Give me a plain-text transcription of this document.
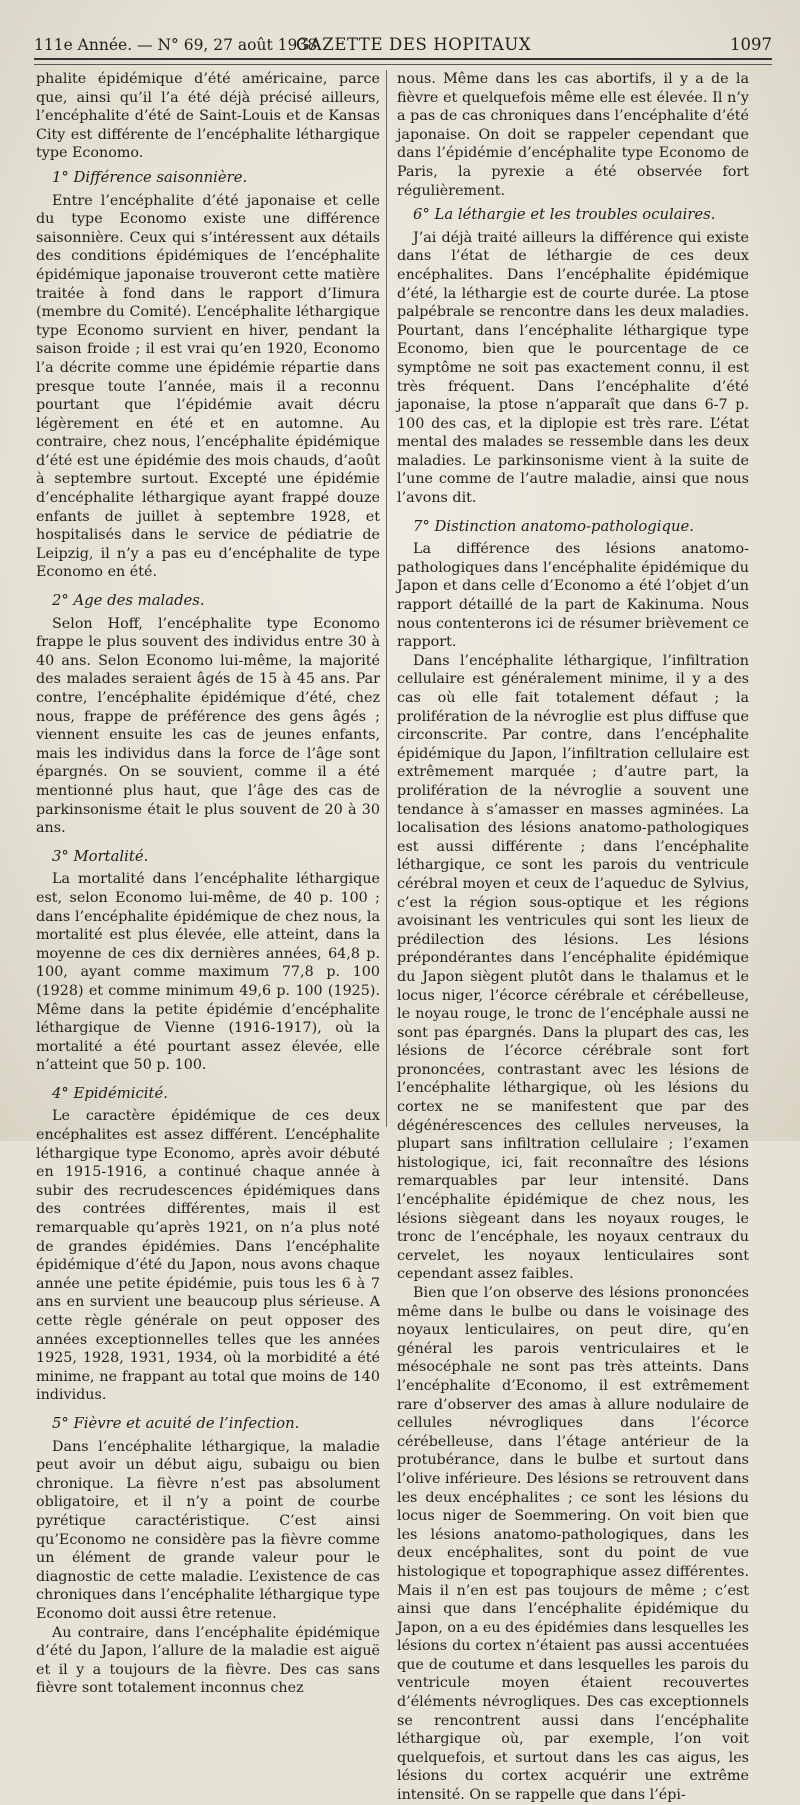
111e Année. — N° 69, 27 août 1938.
GAZETTE DES HOPITAUX	1097

phalite épidémique d’été américaine, parce que, ainsi qu’il l’a été déjà précisé ailleurs, l’encéphalite d’été de Saint-Louis et de Kansas City est différente de l’encéphalite léthargique type Economo.

1° Différence saisonnière.

Entre l’encéphalite d’été japonaise et celle du type Economo existe une différence saisonnière. Ceux qui s’intéressent aux détails des conditions épidémiques de l’encéphalite épidémique japonaise trouveront cette matière traitée à fond dans le rapport d’Iimura (membre du Comité). L’encéphalite léthargique type Economo survient en hiver, pendant la saison froide ; il est vrai qu’en 1920, Economo l’a décrite comme une épidémie répartie dans presque toute l’année, mais il a reconnu pourtant que l’épidémie avait décru légèrement en été et en automne. Au contraire, chez nous, l’encéphalite épidémique d’été est une épidémie des mois chauds, d’août à septembre surtout. Excepté une épidémie d’encéphalite léthargique ayant frappé douze enfants de juillet à septembre 1928, et hospitalisés dans le service de pédiatrie de Leipzig, il n’y a pas eu d’encéphalite de type Economo en été.

2° Age des malades.

Selon Hoff, l’encéphalite type Economo frappe le plus souvent des individus entre 30 à 40 ans. Selon Economo lui-même, la majorité des malades seraient âgés de 15 à 45 ans. Par contre, l’encéphalite épidémique d’été, chez nous, frappe de préférence des gens âgés ; viennent ensuite les cas de jeunes enfants, mais les individus dans la force de l’âge sont épargnés. On se souvient, comme il a été mentionné plus haut, que l’âge des cas de parkinsonisme était le plus souvent de 20 à 30 ans.

3° Mortalité.

La mortalité dans l’encéphalite léthargique est, selon Economo lui-même, de 40 p. 100 ; dans l’encéphalite épidémique de chez nous, la mortalité est plus élevée, elle atteint, dans la moyenne de ces dix dernières années, 64,8 p. 100, ayant comme maximum 77,8 p. 100 (1928) et comme minimum 49,6 p. 100 (1925). Même dans la petite épidémie d’encéphalite léthargique de Vienne (1916-1917), où la mortalité a été pourtant assez élevée, elle n’atteint que 50 p. 100.

4° Epidémicité.

Le caractère épidémique de ces deux encéphalites est assez différent. L’encéphalite léthargique type Economo, après avoir débuté en 1915-1916, a continué chaque année à subir des recrudescences épidémiques dans des contrées différentes, mais il est remarquable qu’après 1921, on n’a plus noté de grandes épidémies. Dans l’encéphalite épidémique d’été du Japon, nous avons chaque année une petite épidémie, puis tous les 6 à 7 ans en survient une beaucoup plus sérieuse. A cette règle générale on peut opposer des années exceptionnelles telles que les années 1925, 1928, 1931, 1934, où la morbidité a été minime, ne frappant au total que moins de 140 individus.

5° Fièvre et acuité de l’infection.

Dans l’encéphalite léthargique, la maladie peut avoir un début aigu, subaigu ou bien chronique. La fièvre n’est pas absolument obligatoire, et il n’y a point de courbe pyrétique caractéristique. C’est ainsi qu’Economo ne considère pas la fièvre comme un élément de grande valeur pour le diagnostic de cette maladie. L’existence de cas chroniques dans l’encéphalite léthargique type Economo doit aussi être retenue.

Au contraire, dans l’encéphalite épidémique d’été du Japon, l’allure de la maladie est aiguë et il y a toujours de la fièvre. Des cas sans fièvre sont totalement inconnus chez

nous. Même dans les cas abortifs, il y a de la fièvre et quelquefois même elle est élevée. Il n’y a pas de cas chroniques dans l’encéphalite d’été japonaise. On doit se rappeler cependant que dans l’épidémie d’encéphalite type Economo de Paris, la pyrexie a été observée fort régulièrement.

6° La léthargie et les troubles oculaires.

J’ai déjà traité ailleurs la différence qui existe dans l’état de léthargie de ces deux encéphalites. Dans l’encéphalite épidémique d’été, la léthargie est de courte durée. La ptose palpébrale se rencontre dans les deux maladies. Pourtant, dans l’encéphalite léthargique type Economo, bien que le pourcentage de ce symptôme ne soit pas exactement connu, il est très fréquent. Dans l’encéphalite d’été japonaise, la ptose n’apparaît que dans 6-7 p. 100 des cas, et la diplopie est très rare. L’état mental des malades se ressemble dans les deux maladies. Le parkinsonisme vient à la suite de l’une comme de l’autre maladie, ainsi que nous l’avons dit.

7° Distinction anatomo-pathologique.

La différence des lésions anatomo-pathologiques dans l’encéphalite épidémique du Japon et dans celle d’Economo a été l’objet d’un rapport détaillé de la part de Kakinuma. Nous nous contenterons ici de résumer brièvement ce rapport.

Dans l’encéphalite léthargique, l’infiltration cellulaire est généralement minime, il y a des cas où elle fait totalement défaut ; la prolifération de la névroglie est plus diffuse que circonscrite. Par contre, dans l’encéphalite épidémique du Japon, l’infiltration cellulaire est extrêmement marquée ; d’autre part, la prolifération de la névroglie a souvent une tendance à s’amasser en masses agminées. La localisation des lésions anatomo-pathologiques est aussi différente ; dans l’encéphalite léthargique, ce sont les parois du ventricule cérébral moyen et ceux de l’aqueduc de Sylvius, c’est la région sous-optique et les régions avoisinant les ventricules qui sont les lieux de prédilection des lésions. Les lésions prépondérantes dans l’encéphalite épidémique du Japon siègent plutôt dans le thalamus et le locus niger, l’écorce cérébrale et cérébelleuse, le noyau rouge, le tronc de l’encéphale aussi ne sont pas épargnés. Dans la plupart des cas, les lésions de l’écorce cérébrale sont fort prononcées, contrastant avec les lésions de l’encéphalite léthargique, où les lésions du cortex ne se manifestent que par des dégénérescences des cellules nerveuses, la plupart sans infiltration cellulaire ; l’examen histologique, ici, fait reconnaître des lésions remarquables par leur intensité. Dans l’encéphalite épidémique de chez nous, les lésions siègeant dans les noyaux rouges, le tronc de l’encéphale, les noyaux centraux du cervelet, les noyaux lenticulaires sont cependant assez faibles.

Bien que l’on observe des lésions prononcées même dans le bulbe ou dans le voisinage des noyaux lenticulaires, on peut dire, qu’en général les parois ventriculaires et le mésocéphale ne sont pas très atteints. Dans l’encéphalite d’Economo, il est extrêmement rare d’observer des amas à allure nodulaire de cellules névrogliques dans l’écorce cérébelleuse, dans l’étage antérieur de la protubérance, dans le bulbe et surtout dans l’olive inférieure. Des lésions se retrouvent dans les deux encéphalites ; ce sont les lésions du locus niger de Soemmering. On voit bien que les lésions anatomo-pathologiques, dans les deux encéphalites, sont du point de vue histologique et topographique assez différentes. Mais il n’en est pas toujours de même ; c’est ainsi que dans l’encéphalite épidémique du Japon, on a eu des épidémies dans lesquelles les lésions du cortex n’étaient pas aussi accentuées que de coutume et dans lesquelles les parois du ventricule moyen étaient recouvertes d’éléments névrogliques. Des cas exceptionnels se rencontrent aussi dans l’encéphalite léthargique où, par exemple, l’on voit quelquefois, et surtout dans les cas aigus, les lésions du cortex acquérir une extrême intensité. On se rappelle que dans l’épi-
